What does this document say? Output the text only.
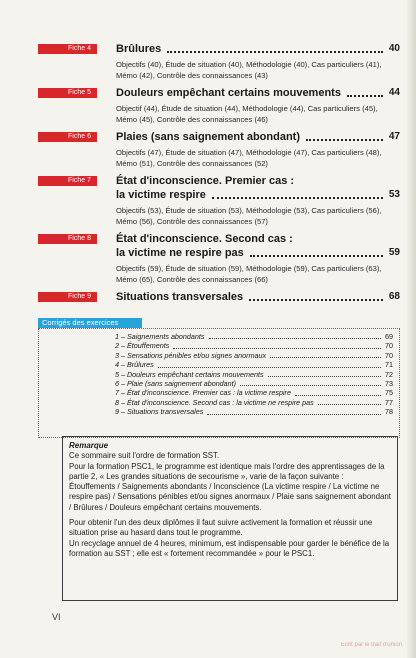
Fiche 4	Brûlures	40
Objectifs (40), Étude de situation (40), Méthodologie (40), Cas particuliers (41), Mémo (42), Contrôle des connaissances (43)
Fiche 5	Douleurs empêchant certains mouvements	44
Objectif (44), Étude de situation (44), Méthodologie (44), Cas particuliers (45), Mémo (45), Contrôle des connaissances (46)
Fiche 6	Plaies (sans saignement abondant)	47
Objectifs (47), Étude de situation (47), Méthodologie (47), Cas particuliers (48), Mémo (51), Contrôle des connaissances (52)
Fiche 7	État d'inconscience. Premier cas :
la victime respire	53
Objectifs (53), Étude de situation (53), Méthodologie (53), Cas particuliers (56), Mémo (56), Contrôle des connaissances (57)
Fiche 8	État d'inconscience. Second cas :
la victime ne respire pas	59
Objectifs (59), Étude de situation (59), Méthodologie (59), Cas particuliers (63), Mémo (65), Contrôle des connaissances (66)
Fiche 9	Situations transversales	68
Corrigés des exercices
1 – Saignements abondants	69
2 – Étouffements	70
3 – Sensations pénibles et/ou signes anormaux	70
4 – Brûlures	71
5 – Douleurs empêchant certains mouvements	72
6 – Plaie (sans saignement abondant)	73
7 – État d'inconscience. Premier cas : la victime respire	75
8 – État d'inconscience. Second cas : la victime ne respire pas	77
9 – Situations transversales	78

Remarque

Ce sommaire suit l'ordre de formation SST.

Pour la formation PSC1, le programme est identique mais l'ordre des apprentissages de la partie 2, « Les grandes situations de secourisme », varie de la façon suivante : Étouffements / Saignements abondants / Inconscience (La victime respire / La victime ne respire pas) / Sensations pénibles et/ou signes anormaux / Plaie sans saignement abondant / Brûlures / Douleurs empêchant certains mouvements.

Pour obtenir l'un des deux diplômes il faut suivre activement la formation et réussir une situation prise au hasard dans tout le programme.

Un recyclage annuel de 4 heures, minimum, est indispensable pour garder le bénéfice de la formation au SST ; elle est « fortement recommandée » pour le PSC1.

VI
Ecrit par le trait d'union
